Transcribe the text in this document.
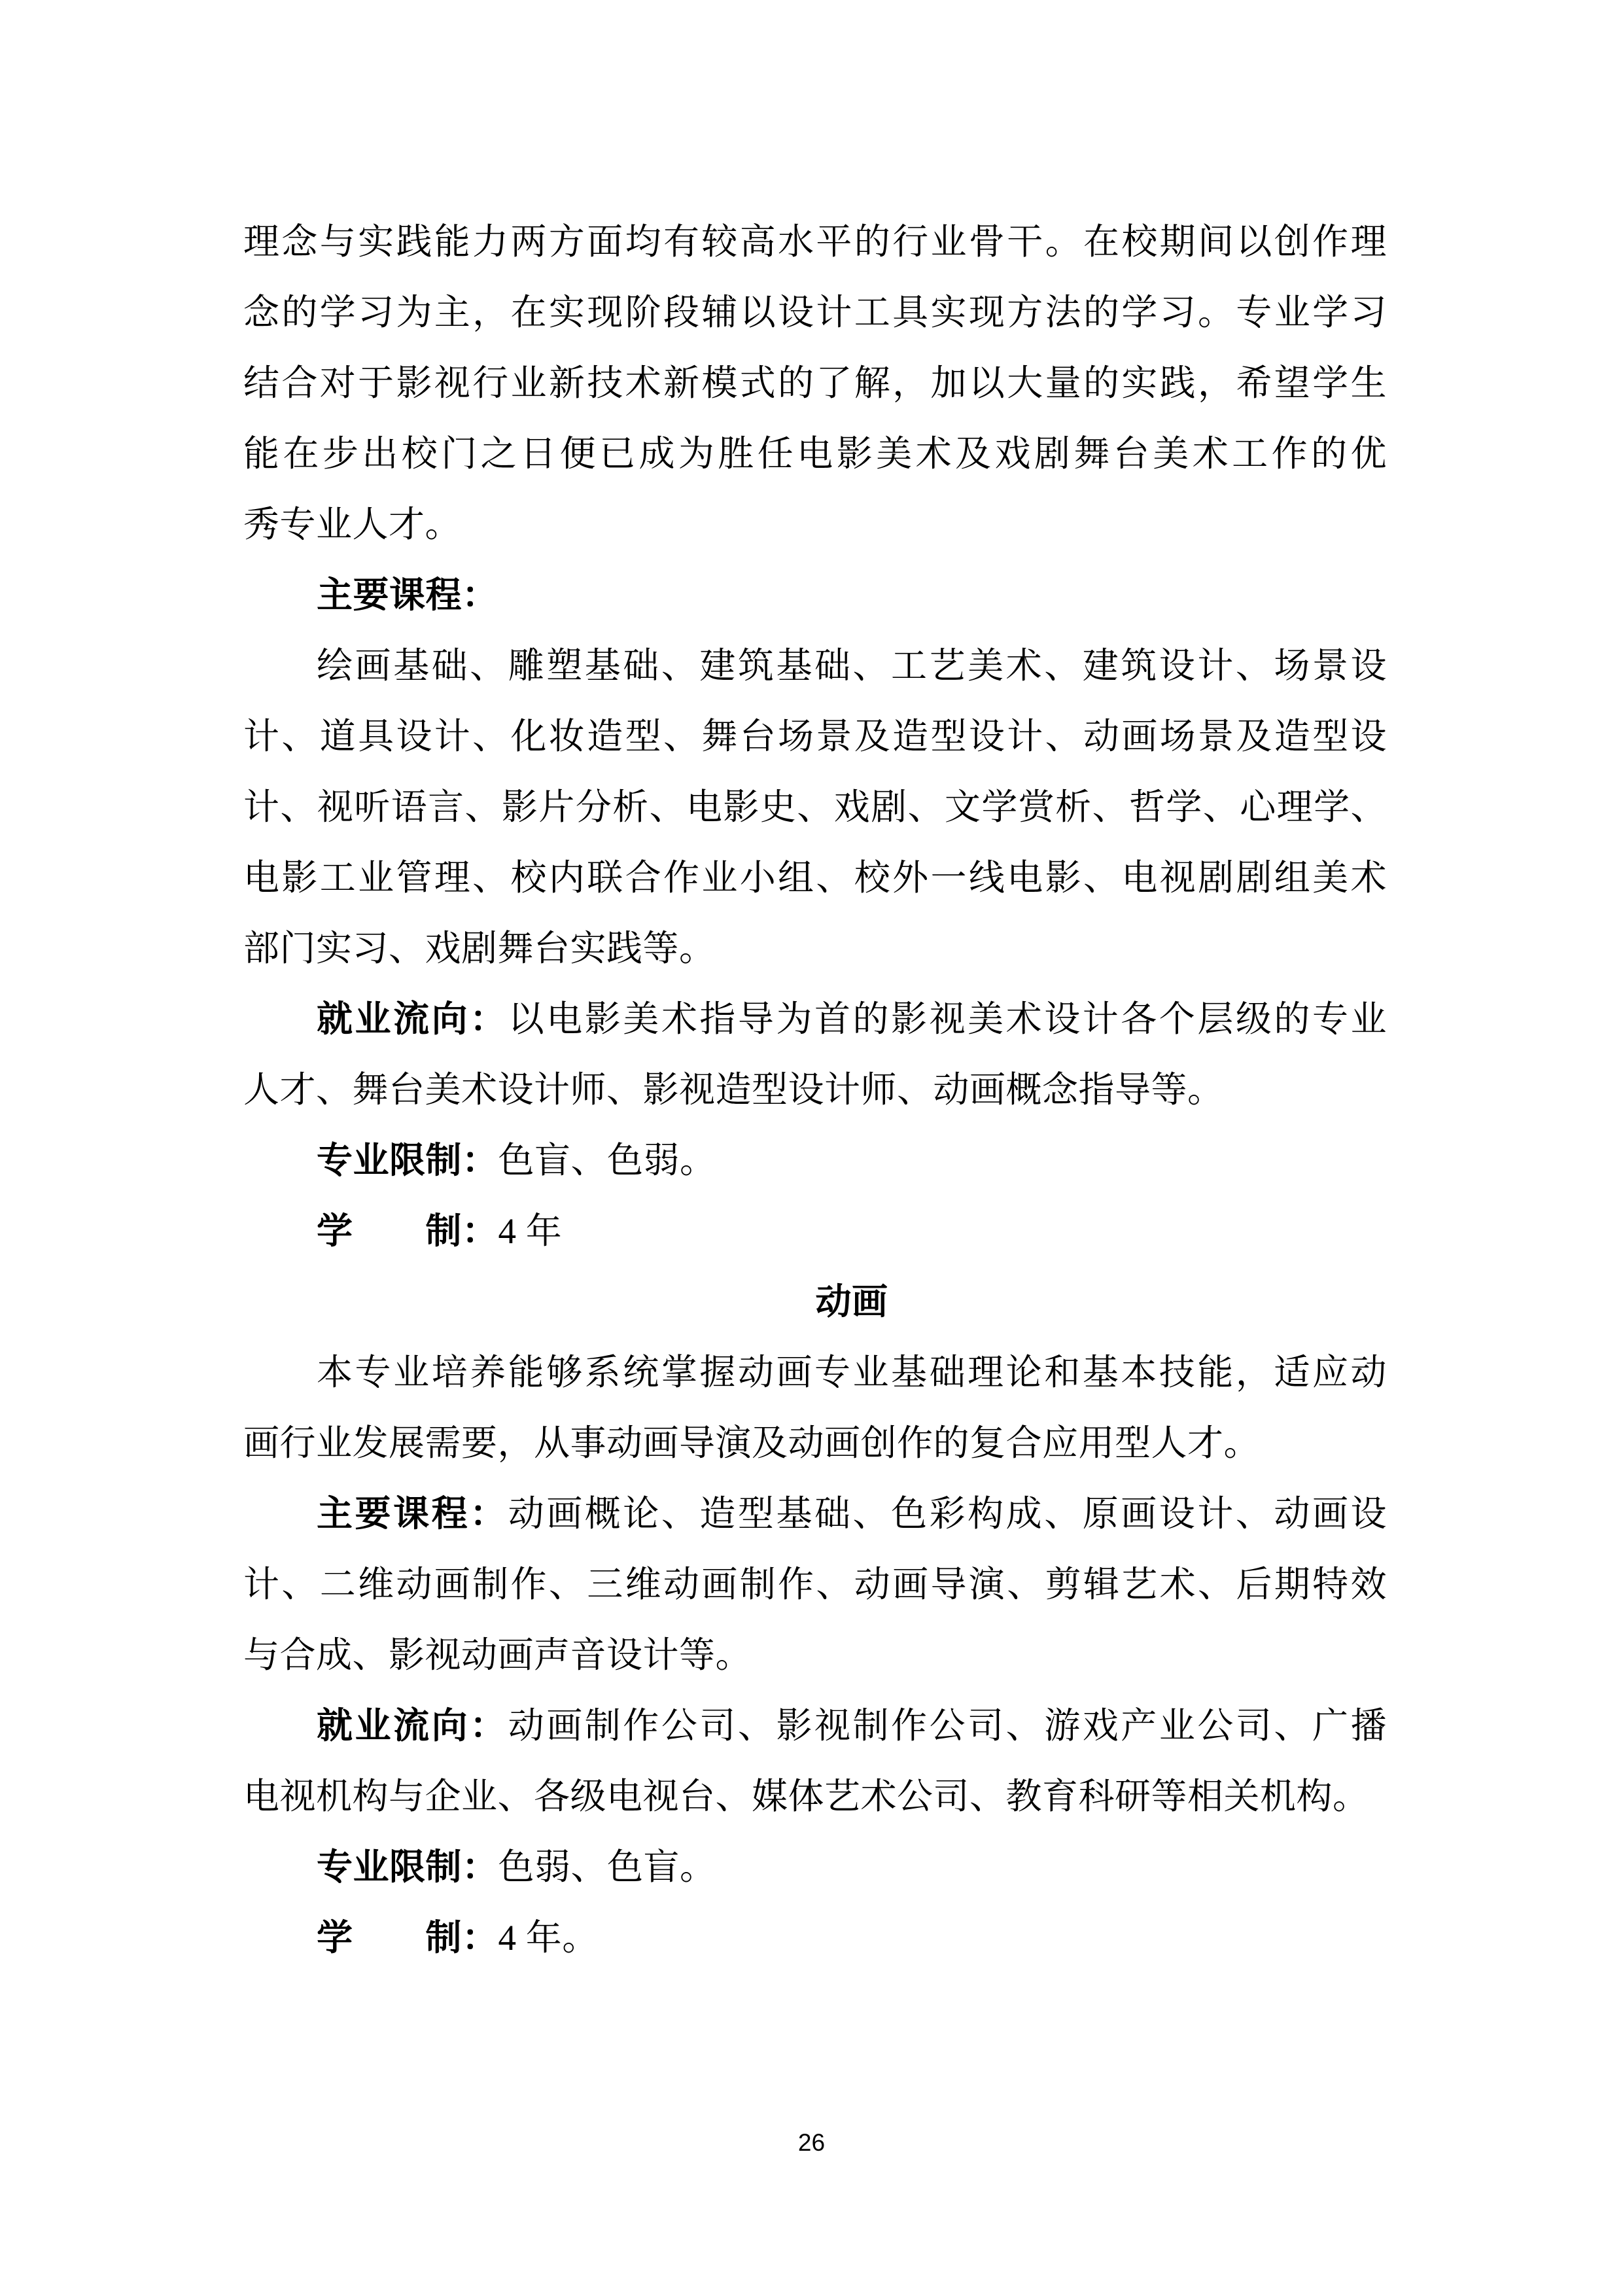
理念与实践能力两方面均有较高水平的行业骨干。在校期间以创作理
念的学习为主，在实现阶段辅以设计工具实现方法的学习。专业学习
结合对于影视行业新技术新模式的了解，加以大量的实践，希望学生
能在步出校门之日便已成为胜任电影美术及戏剧舞台美术工作的优
秀专业人才。
主要课程：
绘画基础、雕塑基础、建筑基础、工艺美术、建筑设计、场景设
计、道具设计、化妆造型、舞台场景及造型设计、动画场景及造型设
计、视听语言、影片分析、电影史、戏剧、文学赏析、哲学、心理学、
电影工业管理、校内联合作业小组、校外一线电影、电视剧剧组美术
部门实习、戏剧舞台实践等。
就业流向：以电影美术指导为首的影视美术设计各个层级的专业
人才、舞台美术设计师、影视造型设计师、动画概念指导等。
专业限制：色盲、色弱。
学　　制：4 年
动画
本专业培养能够系统掌握动画专业基础理论和基本技能，适应动
画行业发展需要，从事动画导演及动画创作的复合应用型人才。
主要课程：动画概论、造型基础、色彩构成、原画设计、动画设
计、二维动画制作、三维动画制作、动画导演、剪辑艺术、后期特效
与合成、影视动画声音设计等。
就业流向：动画制作公司、影视制作公司、游戏产业公司、广播
电视机构与企业、各级电视台、媒体艺术公司、教育科研等相关机构。
专业限制：色弱、色盲。
学　　制：4 年。
26
